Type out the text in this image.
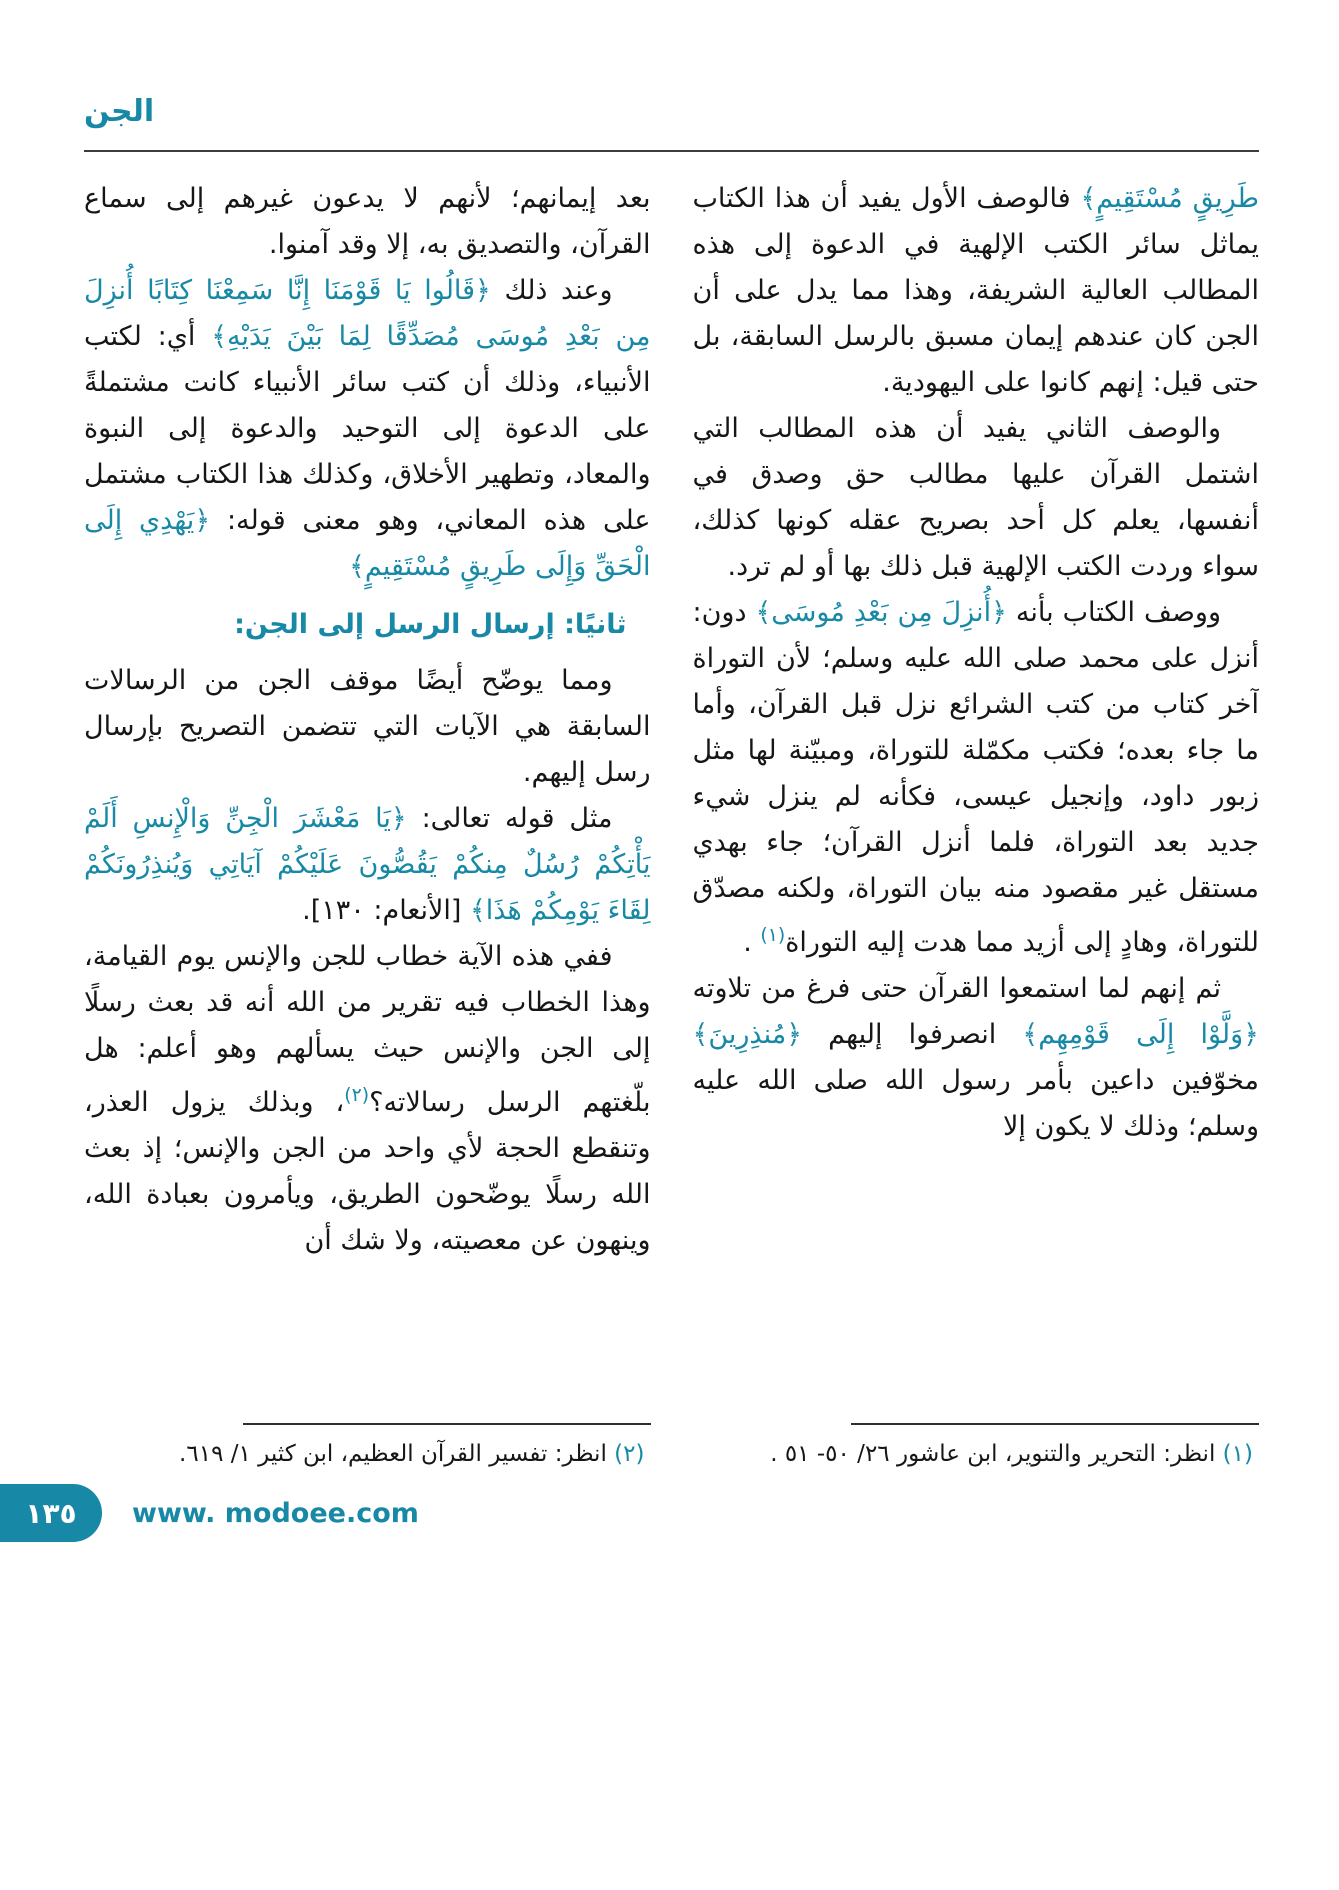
الجن

طَرِيقٍ مُسْتَقِيمٍ﴾ فالوصف الأول يفيد أن هذا الكتاب يماثل سائر الكتب الإلهية في الدعوة إلى هذه المطالب العالية الشريفة، وهذا مما يدل على أن الجن كان عندهم إيمان مسبق بالرسل السابقة، بل حتى قيل: إنهم كانوا على اليهودية.

والوصف الثاني يفيد أن هذه المطالب التي اشتمل القرآن عليها مطالب حق وصدق في أنفسها، يعلم كل أحد بصريح عقله كونها كذلك، سواء وردت الكتب الإلهية قبل ذلك بها أو لم ترد.

ووصف الكتاب بأنه ﴿أُنزِلَ مِن بَعْدِ مُوسَى﴾ دون: أنزل على محمد صلى الله عليه وسلم؛ لأن التوراة آخر كتاب من كتب الشرائع نزل قبل القرآن، وأما ما جاء بعده؛ فكتب مكمّلة للتوراة، ومبيّنة لها مثل زبور داود، وإنجيل عيسى، فكأنه لم ينزل شيء جديد بعد التوراة، فلما أنزل القرآن؛ جاء بهدي مستقل غير مقصود منه بيان التوراة، ولكنه مصدّق للتوراة، وهادٍ إلى أزيد مما هدت إليه التوراة$^{(١)}$ .

ثم إنهم لما استمعوا القرآن حتى فرغ من تلاوته ﴿وَلَّوْا إِلَى قَوْمِهِم﴾ انصرفوا إليهم ﴿مُنذِرِينَ﴾ مخوّفين داعين بأمر رسول الله صلى الله عليه وسلم؛ وذلك لا يكون إلا

(١) انظر: التحرير والتنوير، ابن عاشور ٢٦/ ٥٠- ٥١ .

بعد إيمانهم؛ لأنهم لا يدعون غيرهم إلى سماع القرآن، والتصديق به، إلا وقد آمنوا.

وعند ذلك ﴿قَالُوا يَا قَوْمَنَا إِنَّا سَمِعْنَا كِتَابًا أُنزِلَ مِن بَعْدِ مُوسَى مُصَدِّقًا لِمَا بَيْنَ يَدَيْهِ﴾ أي: لكتب الأنبياء، وذلك أن كتب سائر الأنبياء كانت مشتملةً على الدعوة إلى التوحيد والدعوة إلى النبوة والمعاد، وتطهير الأخلاق، وكذلك هذا الكتاب مشتمل على هذه المعاني، وهو معنى قوله: ﴿يَهْدِي إِلَى الْحَقِّ وَإِلَى طَرِيقٍ مُسْتَقِيمٍ﴾

ثانيًا: إرسال الرسل إلى الجن:

ومما يوضّح أيضًا موقف الجن من الرسالات السابقة هي الآيات التي تتضمن التصريح بإرسال رسل إليهم.

مثل قوله تعالى: ﴿يَا مَعْشَرَ الْجِنِّ وَالْإِنسِ أَلَمْ يَأْتِكُمْ رُسُلٌ مِنكُمْ يَقُصُّونَ عَلَيْكُمْ آيَاتِي وَيُنذِرُونَكُمْ لِقَاءَ يَوْمِكُمْ هَذَا﴾ [الأنعام: ١٣٠].

ففي هذه الآية خطاب للجن والإنس يوم القيامة، وهذا الخطاب فيه تقرير من الله أنه قد بعث رسلًا إلى الجن والإنس حيث يسألهم وهو أعلم: هل بلّغتهم الرسل رسالاته؟$^{(٢)}$، وبذلك يزول العذر، وتنقطع الحجة لأي واحد من الجن والإنس؛ إذ بعث الله رسلًا يوضّحون الطريق، ويأمرون بعبادة الله، وينهون عن معصيته، ولا شك أن

(٢) انظر: تفسير القرآن العظيم، ابن كثير ١/ ٦١٩.

١٣٥ www. modoee.com
